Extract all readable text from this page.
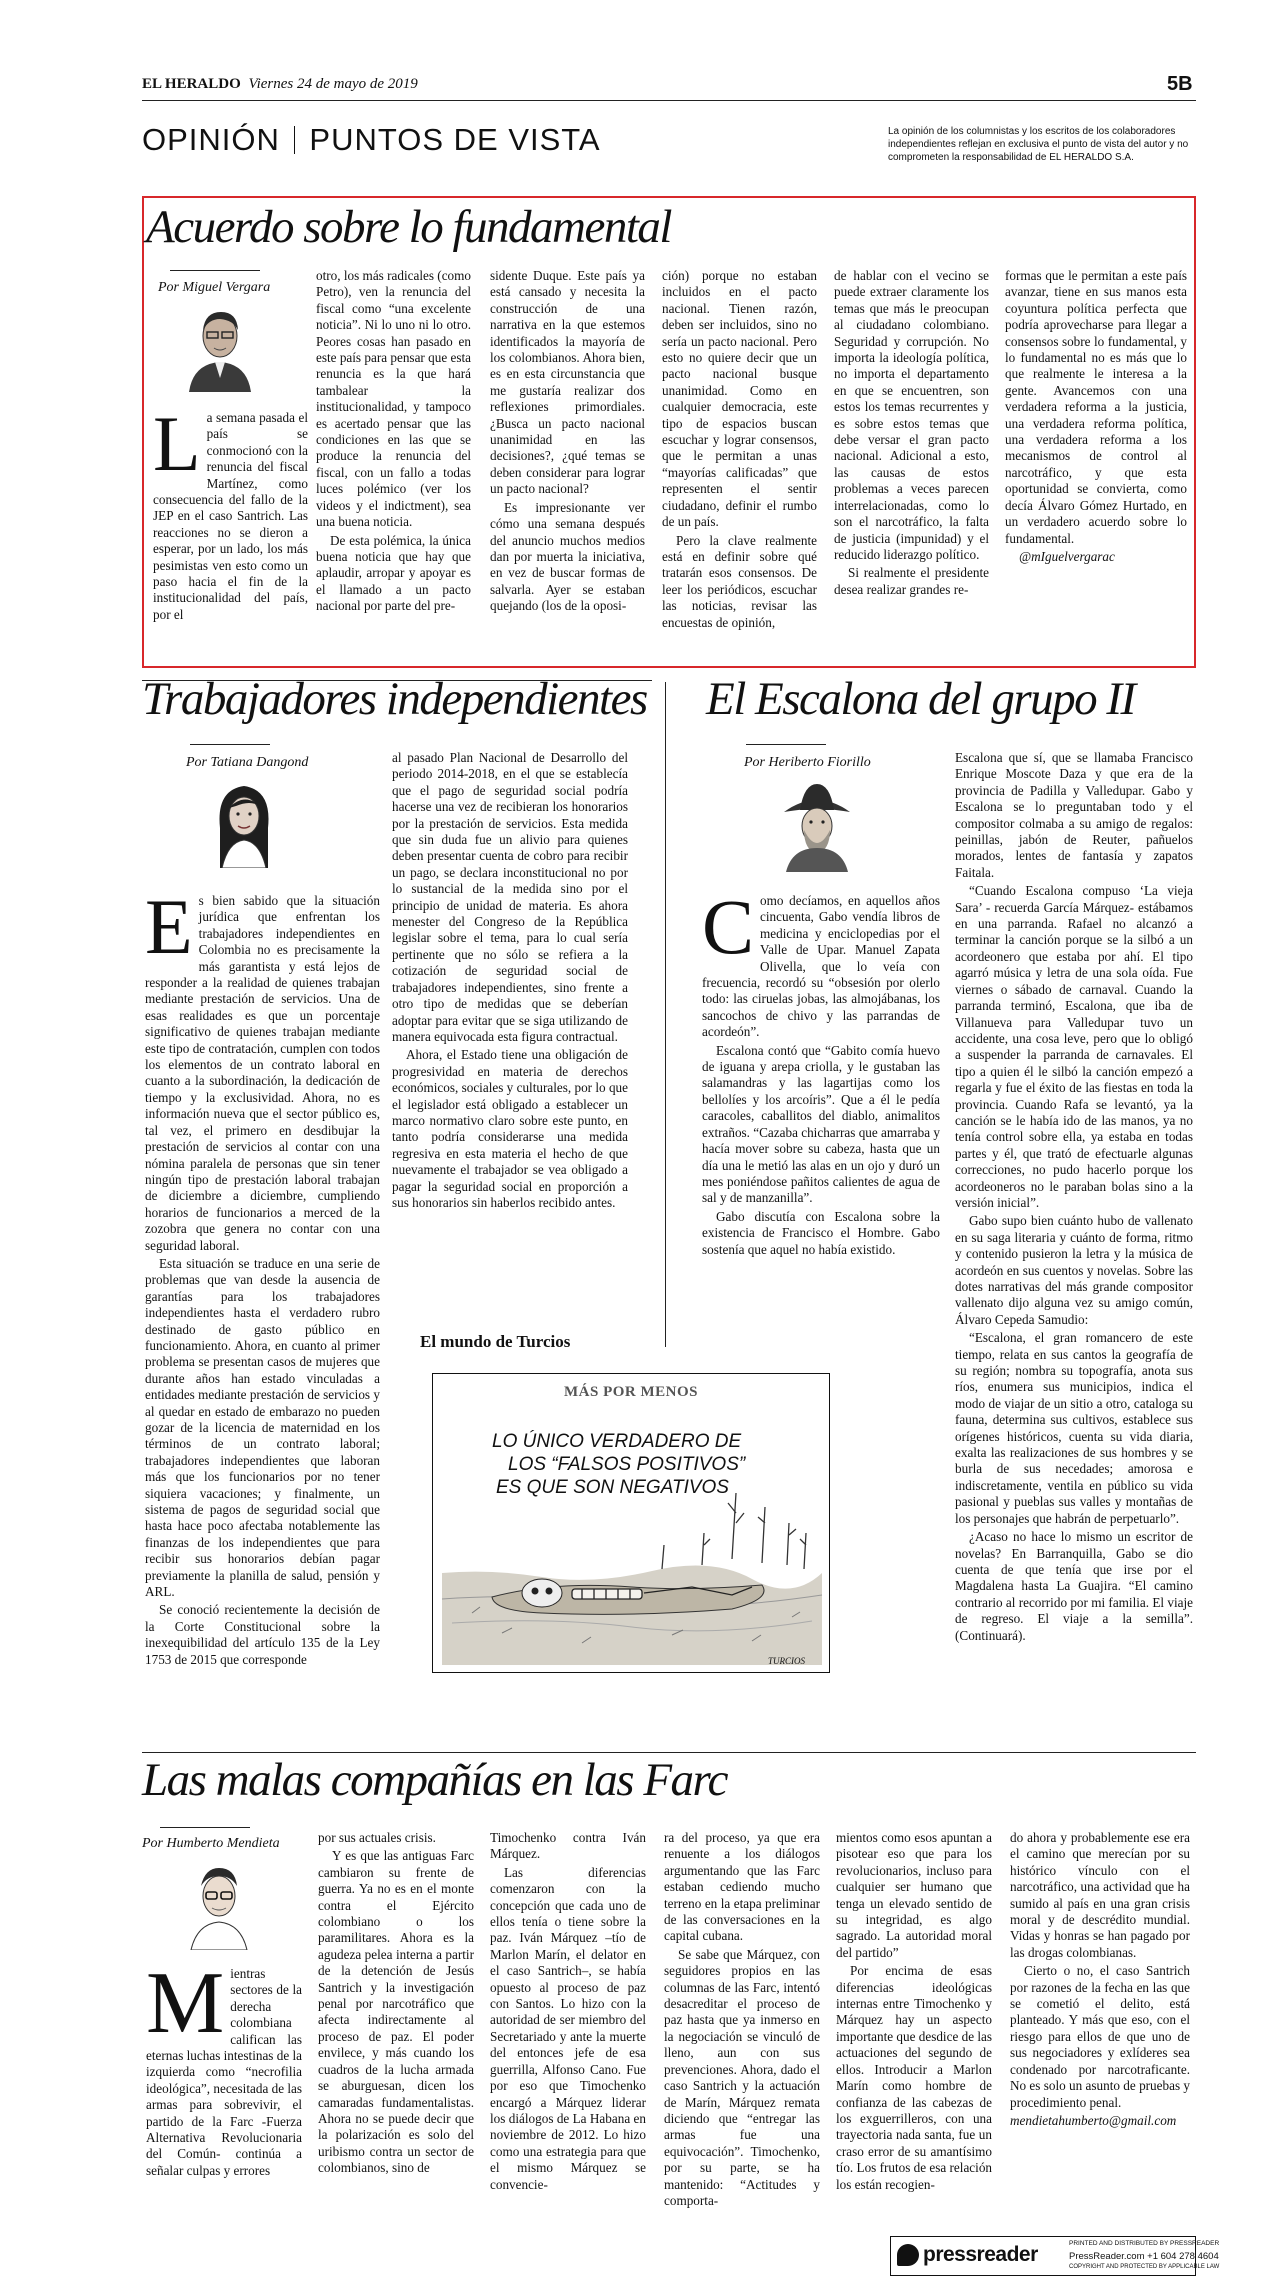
EL HERALDO Viernes 24 de mayo de 2019	5B
OPINIÓN PUNTOS DE VISTA	La opinión de los columnistas y los escritos de los colaboradores independientes reflejan en exclusiva el punto de vista del autor y no comprometen la responsabilidad de EL HERALDO S.A.
Acuerdo sobre lo fundamental
Por Miguel Vergara
La semana pasada el país se conmocionó con la renuncia del fiscal Martínez, como consecuencia del fallo de la JEP en el caso Santrich. Las reacciones no se dieron a esperar, por un lado, los más pesimistas ven esto como un paso hacia el fin de la institucionalidad del país, por el

otro, los más radicales (como Petro), ven la renuncia del fiscal como “una excelente noticia”. Ni lo uno ni lo otro. Peores cosas han pasado en este país para pensar que esta renuncia es la que hará tambalear la institucionalidad, y tampoco es acertado pensar que las condiciones en las que se produce la renuncia del fiscal, con un fallo a todas luces polémico (ver los videos y el indictment), sea una buena noticia.

De esta polémica, la única buena noticia que hay que aplaudir, arropar y apoyar es el llamado a un pacto nacional por parte del pre-

sidente Duque. Este país ya está cansado y necesita la construcción de una narrativa en la que estemos identificados la mayoría de los colombianos. Ahora bien, es en esta circunstancia que me gustaría realizar dos reflexiones primordiales. ¿Busca un pacto nacional unanimidad en las decisiones?, ¿qué temas se deben considerar para lograr un pacto nacional?

Es impresionante ver cómo una semana después del anuncio muchos medios dan por muerta la iniciativa, en vez de buscar formas de salvarla. Ayer se estaban quejando (los de la oposi-

ción) porque no estaban incluidos en el pacto nacional. Tienen razón, deben ser incluidos, sino no sería un pacto nacional. Pero esto no quiere decir que un pacto nacional busque unanimidad. Como en cualquier democracia, este tipo de espacios buscan escuchar y lograr consensos, que le permitan a unas “mayorías calificadas” que representen el sentir ciudadano, definir el rumbo de un país.

Pero la clave realmente está en definir sobre qué tratarán esos consensos. De leer los periódicos, escuchar las noticias, revisar las encuestas de opinión,

de hablar con el vecino se puede extraer claramente los temas que más le preocupan al ciudadano colombiano. Seguridad y corrupción. No importa la ideología política, no importa el departamento en que se encuentren, son estos los temas recurrentes y es sobre estos temas que debe versar el gran pacto nacional. Adicional a esto, las causas de estos problemas a veces parecen interrelacionadas, como lo son el narcotráfico, la falta de justicia (impunidad) y el reducido liderazgo político.

Si realmente el presidente desea realizar grandes re-

formas que le permitan a este país avanzar, tiene en sus manos esta coyuntura política perfecta que podría aprovecharse para llegar a consensos sobre lo fundamental, y lo fundamental no es más que lo que realmente le interesa a la gente. Avancemos con una verdadera reforma a la justicia, una verdadera reforma política, una verdadera reforma a los mecanismos de control al narcotráfico, y que esta oportunidad se convierta, como decía Álvaro Gómez Hurtado, en un verdadero acuerdo sobre lo fundamental.

@mIguelvergarac

Trabajadores independientes
Por Tatiana Dangond

Es bien sabido que la situación jurídica que enfrentan los trabajadores independientes en Colombia no es precisamente la más garantista y está lejos de responder a la realidad de quienes trabajan mediante prestación de servicios. Una de esas realidades es que un porcentaje significativo de quienes trabajan mediante este tipo de contratación, cumplen con todos los elementos de un contrato laboral en cuanto a la subordinación, la dedicación de tiempo y la exclusividad. Ahora, no es información nueva que el sector público es, tal vez, el primero en desdibujar la prestación de servicios al contar con una nómina paralela de personas que sin tener ningún tipo de prestación laboral trabajan de diciembre a diciembre, cumpliendo horarios de funcionarios a merced de la zozobra que genera no contar con una seguridad laboral.

Esta situación se traduce en una serie de problemas que van desde la ausencia de garantías para los trabajadores independientes hasta el verdadero rubro destinado de gasto público en funcionamiento. Ahora, en cuanto al primer problema se presentan casos de mujeres que durante años han estado vinculadas a entidades mediante prestación de servicios y al quedar en estado de embarazo no pueden gozar de la licencia de maternidad en los términos de un contrato laboral; trabajadores independientes que laboran más que los funcionarios por no tener siquiera vacaciones; y finalmente, un sistema de pagos de seguridad social que hasta hace poco afectaba notablemente las finanzas de los independientes que para recibir sus honorarios debían pagar previamente la planilla de salud, pensión y ARL.

Se conoció recientemente la decisión de la Corte Constitucional sobre la inexequibilidad del artículo 135 de la Ley 1753 de 2015 que corresponde

al pasado Plan Nacional de Desarrollo del periodo 2014-2018, en el que se establecía que el pago de seguridad social podría hacerse una vez de recibieran los honorarios por la prestación de servicios. Esta medida que sin duda fue un alivio para quienes deben presentar cuenta de cobro para recibir un pago, se declara inconstitucional no por lo sustancial de la medida sino por el principio de unidad de materia. Es ahora menester del Congreso de la República legislar sobre el tema, para lo cual sería pertinente que no sólo se refiera a la cotización de seguridad social de trabajadores independientes, sino frente a otro tipo de medidas que se deberían adoptar para evitar que se siga utilizando de manera equivocada esta figura contractual.

Ahora, el Estado tiene una obligación de progresividad en materia de derechos económicos, sociales y culturales, por lo que el legislador está obligado a establecer un marco normativo claro sobre este punto, en tanto podría considerarse una medida regresiva en esta materia el hecho de que nuevamente el trabajador se vea obligado a pagar la seguridad social en proporción a sus honorarios sin haberlos recibido antes.

El mundo de Turcios
MÁS POR MENOS
LO ÚNICO VERDADERO DE
LOS “FALSOS POSITIVOS”
ES QUE SON NEGATIVOS
TURCIOS
El Escalona del grupo II
Por Heriberto Fiorillo

Como decíamos, en aquellos años cincuenta, Gabo vendía libros de medicina y enciclopedias por el Valle de Upar. Manuel Zapata Olivella, que lo veía con frecuencia, recordó su “obsesión por olerlo todo: las ciruelas jobas, las almojábanas, los sancochos de chivo y las parrandas de acordeón”.

Escalona contó que “Gabito comía huevo de iguana y arepa criolla, y le gustaban las salamandras y las lagartijas como los bellolíes y los arcoíris”. Que a él le pedía caracoles, caballitos del diablo, animalitos extraños. “Cazaba chicharras que amarraba y hacía mover sobre su cabeza, hasta que un día una le metió las alas en un ojo y duró un mes poniéndose pañitos calientes de agua de sal y de manzanilla”.

Gabo discutía con Escalona sobre la existencia de Francisco el Hombre. Gabo sostenía que aquel no había existido.

Escalona que sí, que se llamaba Francisco Enrique Moscote Daza y que era de la provincia de Padilla y Valledupar. Gabo y Escalona se lo preguntaban todo y el compositor colmaba a su amigo de regalos: peinillas, jabón de Reuter, pañuelos morados, lentes de fantasía y zapatos Faitala.

“Cuando Escalona compuso ‘La vieja Sara’ - recuerda García Márquez- estábamos en una parranda. Rafael no alcanzó a terminar la canción porque se la silbó a un acordeonero que estaba por ahí. El tipo agarró música y letra de una sola oída. Fue viernes o sábado de carnaval. Cuando la parranda terminó, Escalona, que iba de Villanueva para Valledupar tuvo un accidente, una cosa leve, pero que lo obligó a suspender la parranda de carnavales. El tipo a quien él le silbó la canción empezó a regarla y fue el éxito de las fiestas en toda la provincia. Cuando Rafa se levantó, ya la canción se le había ido de las manos, ya no tenía control sobre ella, ya estaba en todas partes y él, que trató de efectuarle algunas correcciones, no pudo hacerlo porque los acordeoneros no le paraban bolas sino a la versión inicial”.

Gabo supo bien cuánto hubo de vallenato en su saga literaria y cuánto de forma, ritmo y contenido pusieron la letra y la música de acordeón en sus cuentos y novelas. Sobre las dotes narrativas del más grande compositor vallenato dijo alguna vez su amigo común, Álvaro Cepeda Samudio:

“Escalona, el gran romancero de este tiempo, relata en sus cantos la geografía de su región; nombra su topografía, anota sus ríos, enumera sus municipios, indica el modo de viajar de un sitio a otro, cataloga su fauna, determina sus cultivos, establece sus orígenes históricos, cuenta su vida diaria, exalta las realizaciones de sus hombres y se burla de sus necedades; amorosa e indiscretamente, ventila en público su vida pasional y pueblas sus valles y montañas de los personajes que habrán de perpetuarlo”.

¿Acaso no hace lo mismo un escritor de novelas? En Barranquilla, Gabo se dio cuenta de que tenía que irse por el Magdalena hasta La Guajira. “El camino contrario al recorrido por mi familia. El viaje de regreso. El viaje a la semilla”. (Continuará).

Las malas compañías en las Farc
Por Humberto Mendieta
Mientras sectores de la derecha colombiana califican las eternas luchas intestinas de la izquierda como “necrofilia ideológica”, necesitada de las armas para sobrevivir, el partido de la Farc -Fuerza Alternativa Revolucionaria del Común- continúa a señalar culpas y errores

por sus actuales crisis.

Y es que las antiguas Farc cambiaron su frente de guerra. Ya no es en el monte contra el Ejército colombiano o los paramilitares. Ahora es la agudeza pelea interna a partir de la detención de Jesús Santrich y la investigación penal por narcotráfico que afecta indirectamente al proceso de paz. El poder envilece, y más cuando los cuadros de la lucha armada se aburguesan, dicen los camaradas fundamentalistas. Ahora no se puede decir que la polarización es solo del uribismo contra un sector de colombianos, sino de

Timochenko contra Iván Márquez.

Las diferencias comenzaron con la concepción que cada uno de ellos tenía o tiene sobre la paz. Iván Márquez –tío de Marlon Marín, el delator en el caso Santrich–, se había opuesto al proceso de paz con Santos. Lo hizo con la autoridad de ser miembro del Secretariado y ante la muerte del entonces jefe de esa guerrilla, Alfonso Cano. Fue por eso que Timochenko encargó a Márquez liderar los diálogos de La Habana en noviembre de 2012. Lo hizo como una estrategia para que el mismo Márquez se convencie-

ra del proceso, ya que era renuente a los diálogos argumentando que las Farc estaban cediendo mucho terreno en la etapa preliminar de las conversaciones en la capital cubana.

Se sabe que Márquez, con seguidores propios en las columnas de las Farc, intentó desacreditar el proceso de paz hasta que ya inmerso en la negociación se vinculó de lleno, aun con sus prevenciones. Ahora, dado el caso Santrich y la actuación de Marín, Márquez remata diciendo que “entregar las armas fue una equivocación”. Timochenko, por su parte, se ha mantenido: “Actitudes y comporta-

mientos como esos apuntan a pisotear eso que para los revolucionarios, incluso para cualquier ser humano que tenga un elevado sentido de su integridad, es algo sagrado. La autoridad moral del partido”

Por encima de esas diferencias ideológicas internas entre Timochenko y Márquez hay un aspecto importante que desdice de las actuaciones del segundo de ellos. Introducir a Marlon Marín como hombre de confianza de las cabezas de los exguerrilleros, con una trayectoria nada santa, fue un craso error de su amantísimo tío. Los frutos de esa relación los están recogien-

do ahora y probablemente ese era el camino que merecían por su histórico vínculo con el narcotráfico, una actividad que ha sumido al país en una gran crisis moral y de descrédito mundial. Vidas y honras se han pagado por las drogas colombianas.

Cierto o no, el caso Santrich por razones de la fecha en las que se cometió el delito, está planteado. Y más que eso, con el riesgo para ellos de que uno de sus negociadores y exlíderes sea condenado por narcotraficante. No es solo un asunto de pruebas y procedimiento penal.

mendietahumberto@gmail.com

pressreader	PRINTED AND DISTRIBUTED BY PRESSREADER
PressReader.com +1 604 278 4604
COPYRIGHT AND PROTECTED BY APPLICABLE LAW
